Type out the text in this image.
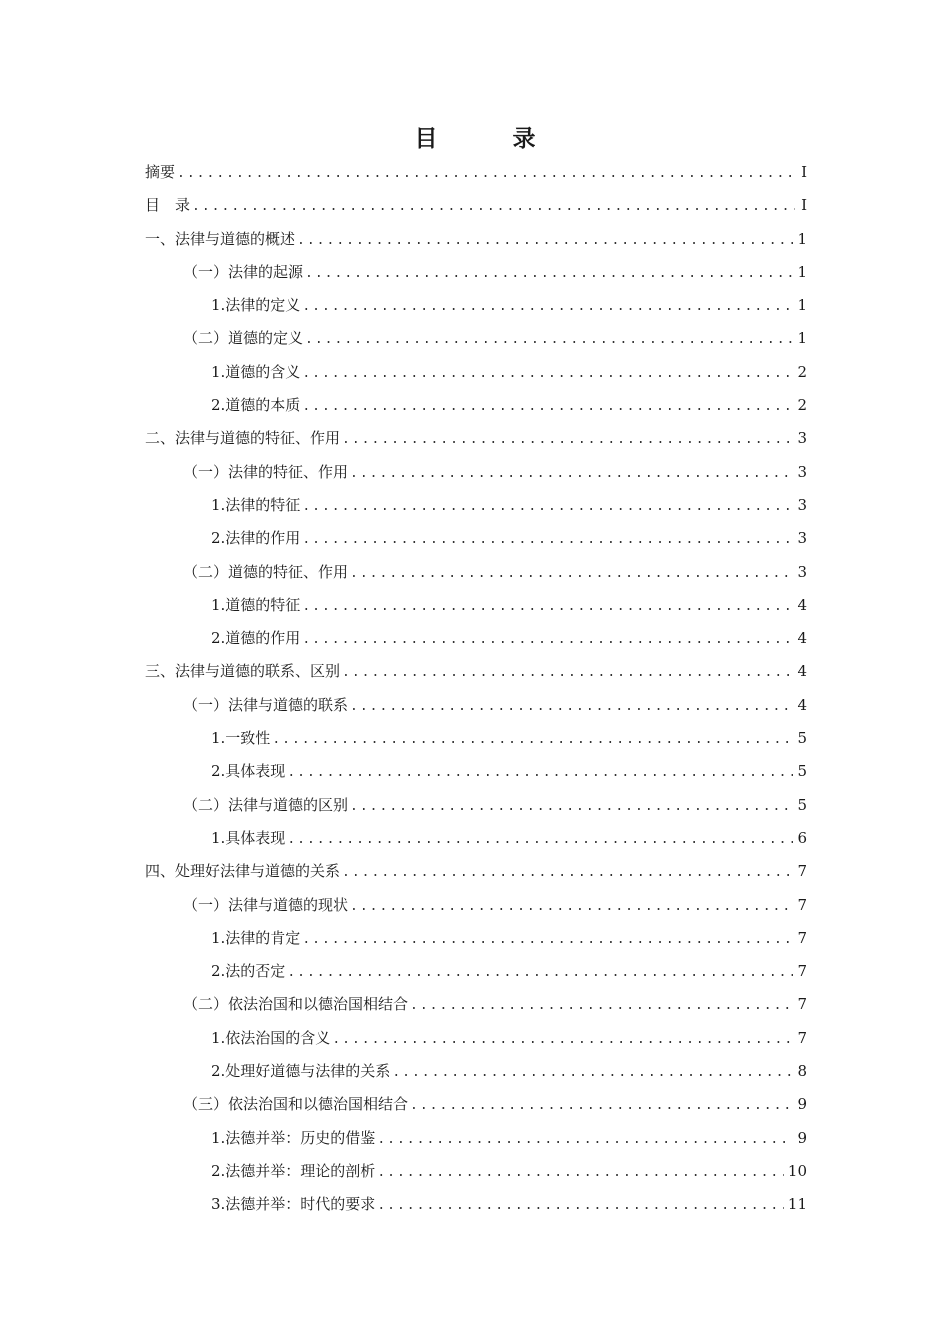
目　录
摘要 .....	I
目　录 .....	I
一、法律与道德的概述 .....	1
（一）法律的起源 .....	1
1.法律的定义 .....	1
（二）道德的定义 .....	1
1.道德的含义 .....	2
2.道德的本质 .....	2
二、法律与道德的特征、作用 .....	3
（一）法律的特征、作用 .....	3
1.法律的特征 .....	3
2.法律的作用 .....	3
（二）道德的特征、作用 .....	3
1.道德的特征 .....	4
2.道德的作用 .....	4
三、法律与道德的联系、区别 .....	4
（一）法律与道德的联系 .....	4
1.一致性 .....	5
2.具体表现 .....	5
（二）法律与道德的区别 .....	5
1.具体表现 .....	6
四、处理好法律与道德的关系 .....	7
（一）法律与道德的现状 .....	7
1.法律的肯定 .....	7
2.法的否定 .....	7
（二）依法治国和以德治国相结合 .....	7
1.依法治国的含义 .....	7
2.处理好道德与法律的关系 .....	8
（三）依法治国和以德治国相结合 .....	9
1.法德并举：历史的借鉴 .....	9
2.法德并举：理论的剖析 .....	10
3.法德并举：时代的要求 .....	11
